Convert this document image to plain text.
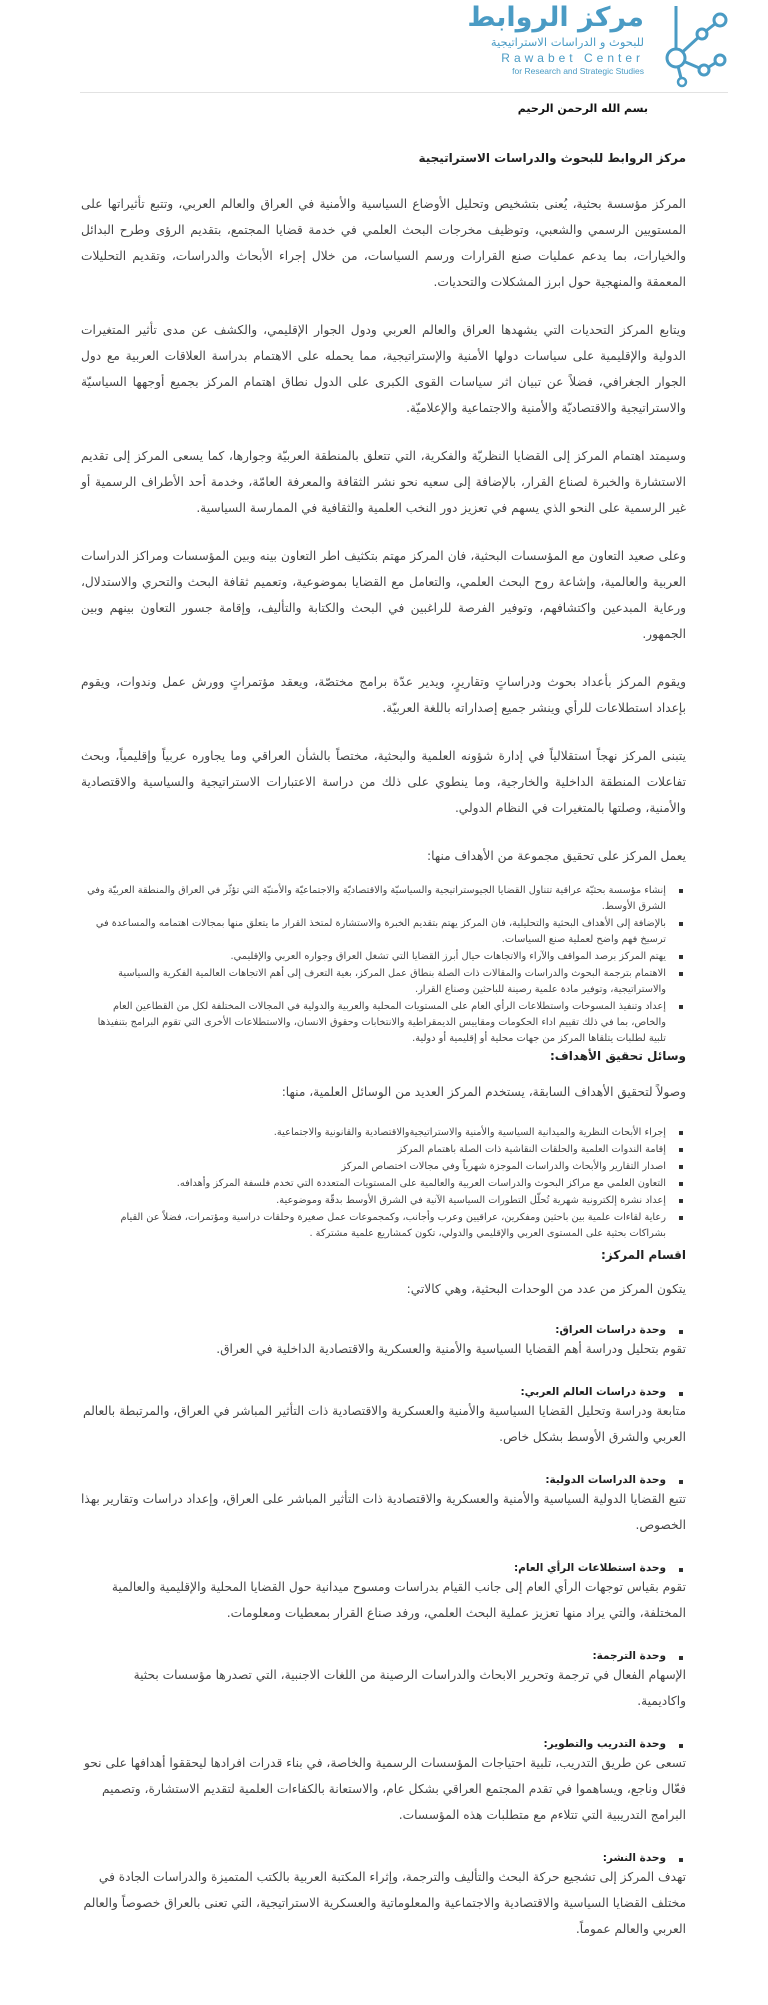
مركز الروابط
للبحوث و الدراسات الاستراتيجية
Rawabet Center
for Research and Strategic Studies
بسم الله الرحمن الرحيم
مركز الروابط للبحوث والدراسات الاستراتيجية

المركز مؤسسة بحثية، يُعنى بتشخيص وتحليل الأوضاع السياسية والأمنية في العراق والعالم العربي، وتتبع تأثيراتها على المستويين الرسمي والشعبي، وتوظيف مخرجات البحث العلمي في خدمة قضايا المجتمع، بتقديم الرؤى وطرح البدائل والخيارات، بما يدعم عمليات صنع القرارات ورسم السياسات، من خلال إجراء الأبحاث والدراسات، وتقديم التحليلات المعمقة والمنهجية حول ابرز المشكلات والتحديات.

ويتابع المركز التحديات التي يشهدها العراق والعالم العربي ودول الجوار الإقليمي، والكشف عن مدى تأثير المتغيرات الدولية والإقليمية على سياسات دولها الأمنية والإستراتيجية، مما يحمله على الاهتمام بدراسة العلاقات العربية مع دول الجوار الجغرافي، فضلاً عن تبيان اثر سياسات القوى الكبرى على الدول نطاق اهتمام المركز بجميع أوجهها السياسيّة والاستراتيجية والاقتصاديّة والأمنية والاجتماعية والإعلاميّة.

وسيمتد اهتمام المركز إلى القضايا النظريّة والفكرية، التي تتعلق بالمنطقة العربيّة وجوارها، كما يسعى المركز إلى تقديم الاستشارة والخبرة لصناع القرار، بالإضافة إلى سعيه نحو نشر الثقافة والمعرفة العامّة، وخدمة أحد الأطراف الرسمية أو غير الرسمية على النحو الذي يسهم في تعزيز دور النخب العلمية والثقافية في الممارسة السياسية.

وعلى صعيد التعاون مع المؤسسات البحثية، فان المركز مهتم بتكثيف اطر التعاون بينه وبين المؤسسات ومراكز الدراسات العربية والعالمية، وإشاعة روح البحث العلمي، والتعامل مع القضايا بموضوعية، وتعميم ثقافة البحث والتحري والاستدلال، ورعاية المبدعين واكتشافهم، وتوفير الفرصة للراغبين في البحث والكتابة والتأليف، وإقامة جسور التعاون بينهم وبين الجمهور.

ويقوم المركز بأعداد بحوث ودراساتٍ وتقاريرٍ، ويدير عدّة برامج مختصّة، ويعقد مؤتمراتٍ وورش عمل وندوات، ويقوم بإعداد استطلاعات للرأي وينشر جميع إصداراته باللغة العربيّة.

يتبنى المركز نهجاً استقلالياً في إدارة شؤونه العلمية والبحثية، مختصاً بالشأن العراقي وما يجاوره عربياً وإقليمياً، وبحث تفاعلات المنطقة الداخلية والخارجية، وما ينطوي على ذلك من دراسة الاعتبارات الاستراتيجية والسياسية والاقتصادية والأمنية، وصلتها بالمتغيرات في النظام الدولي.

يعمل المركز على تحقيق مجموعة من الأهداف منها:

إنشاء مؤسسة بحثيّة عراقية تتناول القضايا الجيوستراتيجية والسياسيّة والاقتصاديّة والاجتماعيّة والأمنيّة التي تؤثّر في العراق والمنطقة العربيّة وفي الشرق الأوسط.
بالإضافة إلى الأهداف البحثية والتحليلية، فان المركز يهتم بتقديم الخبرة والاستشارة لمتخذ القرار ما يتعلق منها بمجالات اهتمامه والمساعدة في ترسيخ فهم واضح لعملية صنع السياسات.
يهتم المركز برصد المواقف والآراء والاتجاهات حيال أبرز القضايا التي تشغل العراق وجواره العربي والإقليمي.
الاهتمام بترجمة البحوث والدراسات والمقالات ذات الصلة بنطاق عمل المركز، بغية التعرف إلى أهم الاتجاهات العالمية الفكرية والسياسية والاستراتيجية، وتوفير مادة علمية رصينة للباحثين وصناع القرار.
إعداد وتنفيذ المسوحات واستطلاعات الرأي العام على المستويات المحلية والعربية والدولية في المجالات المختلفة لكل من القطاعين العام والخاص، بما في ذلك تقييم اداء الحكومات ومقاييس الديمقراطية والانتخابات وحقوق الانسان، والاستطلاعات الأخرى التي تقوم البرامج بتنفيذها تلبية لطلبات يتلقاها المركز من جهات محلية أو إقليمية أو دولية.
وسائل تحقيق الأهداف:

وصولاً لتحقيق الأهداف السابقة، يستخدم المركز العديد من الوسائل العلمية، منها:

إجراء الأبحاث النظرية والميدانية السياسية والأمنية والاستراتيجيةوالاقتصادية والقانونية والاجتماعية.
إقامة الندوات العلمية والحلقات النقاشية ذات الصلة باهتمام المركز
اصدار التقارير والأبحاث والدراسات الموجزة شهرياً وفي مجالات اختصاص المركز
التعاون العلمي مع مراكز البحوث والدراسات العربية والعالمية على المستويات المتعددة التي تخدم فلسفة المركز وأهدافه.
إعداد نشرة إلكترونية شهرية تُحلّل التطورات السياسية الآنية في الشرق الأوسط بدقّة وموضوعية.
رعاية لقاءات علمية بين باحثين ومفكرين، عراقيين وعرب وأجانب، وكمجموعات عمل صغيرة وحلقات دراسية ومؤتمرات، فضلاً عن القيام بشراكات بحثية على المستوى العربي والإقليمي والدولي، تكون كمشاريع علمية مشتركة .
اقسام المركز:

يتكون المركز من عدد من الوحدات البحثية، وهي كالاتي:

وحدة دراسات العراق:
تقوم بتحليل ودراسة أهم القضايا السياسية والأمنية والعسكرية والاقتصادية الداخلية في العراق.
وحدة دراسات العالم العربي:
متابعة ودراسة وتحليل القضايا السياسية والأمنية والعسكرية والاقتصادية ذات التأثير المباشر في العراق، والمرتبطة بالعالم العربي والشرق الأوسط بشكل خاص.
وحدة الدراسات الدولية:
تتبع القضايا الدولية السياسية والأمنية والعسكرية والاقتصادية ذات التأثير المباشر على العراق، وإعداد دراسات وتقارير بهذا الخصوص.
وحدة استطلاعات الرأي العام:
تقوم بقياس توجهات الرأي العام إلى جانب القيام بدراسات ومسوح ميدانية حول القضايا المحلية والإقليمية والعالمية المختلفة، والتي يراد منها تعزيز عملية البحث العلمي، ورفد صناع القرار بمعطيات ومعلومات.
وحدة الترجمة:
الإسهام الفعال في ترجمة وتحرير الابحاث والدراسات الرصينة من اللغات الاجنبية، التي تصدرها مؤسسات بحثية واكاديمية.
وحدة التدريب والتطوير:
تسعى عن طريق التدريب، تلبية احتياجات المؤسسات الرسمية والخاصة، في بناء قدرات افرادها ليحققوا أهدافها على نحو فعّال وناجع، ويساهموا في تقدم المجتمع العراقي بشكل عام، والاستعانة بالكفاءات العلمية لتقديم الاستشارة، وتصميم البرامج التدريبية التي تتلاءم مع متطلبات هذه المؤسسات.
وحدة النشر:
تهدف المركز إلى تشجيع حركة البحث والتأليف والترجمة، وإثراء المكتبة العربية بالكتب المتميزة والدراسات الجادة في مختلف القضايا السياسية والاقتصادية والاجتماعية والمعلوماتية والعسكرية الاستراتيجية، التي تعنى بالعراق خصوصاً والعالم العربي والعالم عموماً.
